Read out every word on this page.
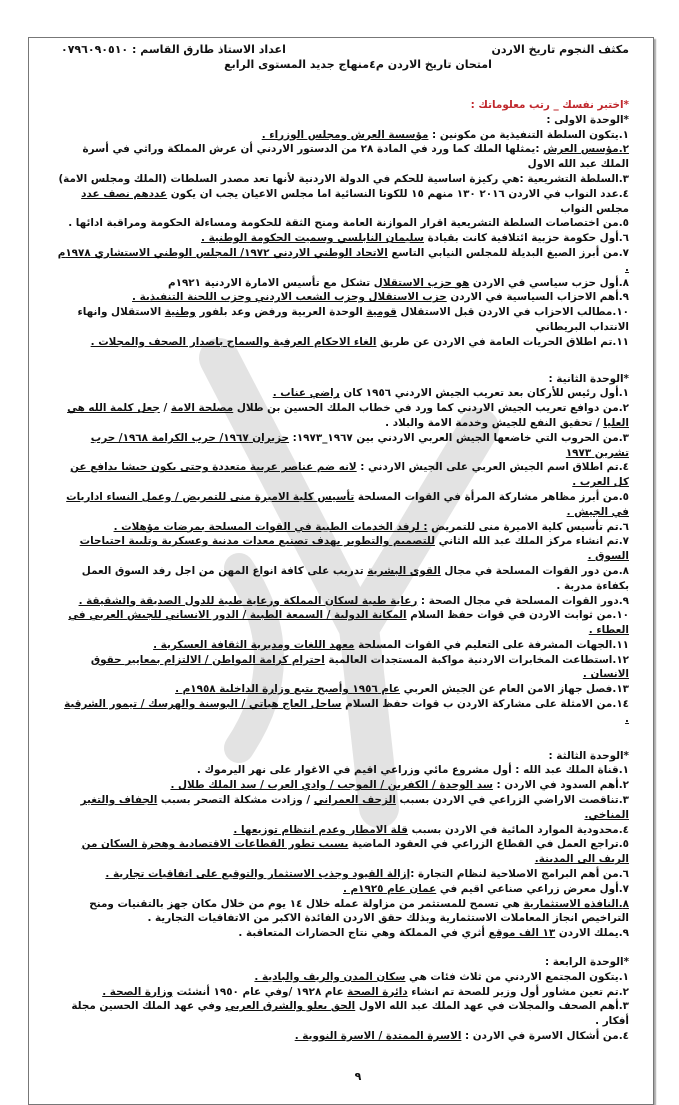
مكثف النجوم تاريخ الاردن
اعداد الاستاذ طارق القاسم : ٠٧٩٦٠٩٠٥١٠
امتحان تاريخ الاردن م٤منهاج جديد المستوى الرابع
*اختبر نفسك _ رتب معلوماتك :
*الوحدة الاولى :
١.يتكون السلطة التنفيذية من مكونين : مؤسسة العرش ومجلس الوزراء .
٢.مؤسس العرش :يمثلها الملك كما ورد في المادة ٢٨ من الدستور الاردني أن عرش المملكة وراثي في أسرة الملك عبد الله الاول
٣.السلطة التشريعية :هي ركيزة اساسية للحكم في الدولة الاردنية لأنها تعد مصدر السلطات (الملك ومجلس الامة)
٤.عدد النواب في الاردن ٢٠١٦ ١٣٠ منهم ١٥ للكوتا النسائية اما مجلس الاعيان يجب ان يكون عددهم نصف عدد مجلس النواب
٥.من اختصاصات السلطة التشريعية اقرار الموازنة العامة ومنح الثقة للحكومة ومساءلة الحكومة ومراقبة ادائها .
٦.أول حكومة حزبية ائتلافية كانت بقيادة سليمان النابلسي وسميت الحكومة الوطنية .
٧.من أبرز الصيغ البديلة للمجلس النيابي التاسع الاتحاد الوطني الاردني ١٩٧٢/ المجلس الوطني الاستشاري ١٩٧٨م .
٨.أول حزب سياسي في الاردن هو حزب الاستقلال تشكل مع تأسيس الامارة الاردنية ١٩٢١م
٩.أهم الاحزاب السياسية في الاردن حزب الاستقلال وحزب الشعب الاردني وحزب اللجنة التنفيذية .
١٠.مطالب الاحزاب في الاردن قبل الاستقلال قومية الوحدة العربية ورفض وعد بلفور وطنية الاستقلال وانهاء الانتداب البريطاني
١١.تم اطلاق الحريات العامة في الاردن عن طريق الغاء الاحكام العرفية والسماح باصدار الصحف والمجلات .
*الوحدة الثانية :
١.أول رئيس للأركان بعد تعريب الجيش الاردني ١٩٥٦ كان راضي عناب .
٢.من دوافع تعريب الجيش الاردني كما ورد في خطاب الملك الحسين بن طلال مصلحة الامة / جعل كلمة الله هي العليا / تحقيق النفع للجيش وخدمة الامة والبلاد .
٣.من الحروب التي خاضعها الجيش العربي الاردني بين ١٩٦٧_١٩٧٣: حزيران ١٩٦٧/ حرب الكرامة ١٩٦٨/ حرب تشرين ١٩٧٣
٤.تم اطلاق اسم الجيش العربي على الجيش الاردني : لانه ضم عناصر عربية متعددة وحتى يكون جيشا يدافع عن كل العرب .
٥.من أبرز مظاهر مشاركة المرأة في القوات المسلحة تأسيس كلية الاميرة منى للتمريض / وعمل النساء اداريات في الجيش .
٦.تم تأسيس كلية الاميرة منى للتمريض : لرفد الخدمات الطبية في القوات المسلحة بمرضات مؤهلات .
٧.تم انشاء مركز الملك عبد الله الثاني للتصميم والتطوير يهدف تصنيع معدات مدنية وعسكرية وتلبية احتياجات السوق .
٨.من دور القوات المسلحة في مجال القوى البشرية تدريب على كافة انواع المهن من اجل رفد السوق العمل بكفاءة مدربة .
٩.دور القوات المسلحة في مجال الصحة : رعاية طبية لسكان المملكة ورعاية طبية للدول الصديقة والشقيقة .
١٠.من ثوابت الاردن في قوات حفظ السلام المكانة الدولية / السمعة الطبية / الدور الانساني للجيش العربي في العطاء .
١١.الجهات المشرفة على التعليم في القوات المسلحة معهد اللغات ومديرية الثقافة العسكرية .
١٢.استطاعت المخابرات الاردنية مواكبة المستجدات العالمية احترام كرامة المواطن / الالتزام بمعايير حقوق الانسان .
١٣.فصل جهاز الامن العام عن الجيش العربي عام ١٩٥٦ وأصبح يتبع وزارة الداخلية ١٩٥٨م .
١٤.من الامثلة على مشاركة الاردن ب قوات حفظ السلام ساحل العاج هياتي / البوسنة والهرسك / تيمور الشرقية .
*الوحدة الثالثة :
١.قناة الملك عبد الله : أول مشروع مائي وزراعي اقيم في الاغوار على نهر اليرموك .
٢.أهم السدود في الاردن : سد الوحدة / الكفرين / الموجب / وادي العرب / سد الملك طلال .
٣.تناقصت الاراضي الزراعي في الاردن بسبب الزحف العمراني / وزادت مشكلة التصحر بسبب الجفاف والتغير المناخي.
٤.محدودية الموارد المائية في الاردن بسبب قلة الامطار وعدم انتظام توزيعها .
٥.تراجع العمل في القطاع الزراعي في العقود الماضية بسبب تطور القطاعات الاقتصادية وهجرة السكان من الريف الى المدينة.
٦.من أهم البرامج الاصلاحية لنظام التجارة :إزالة القيود وجذب الاستثمار والتوقيع على اتفاقيات تجارية .
٧.أول معرض زراعي صناعي اقيم في عمان عام ١٩٢٥م .
٨.النافذه الاستثمارية هي تسمح للمستثمر من مزاولة عمله خلال ١٤ يوم من خلال مكان جهز بالتقنيات ومنح التراخيص انجاز المعاملات الاستثمارية وبذلك حقق الاردن الفائدة الاكبر من الاتفاقيات التجارية .
٩.يملك الاردن ١٣ الف موقع أثري في المملكة وهي نتاج الحضارات المتعاقبة .
*الوحدة الرابعة :
١.يتكون المجتمع الاردني من ثلاث فئات هي سكان المدن والريف والبادية .
٢.تم تعين مشاور أول وزير للصحة تم انشاء دائرة الصحة عام ١٩٢٨ /وفي عام ١٩٥٠ أنشئت وزارة الصحة .
٣.أهم الصحف والمجلات في عهد الملك عبد الله الاول الحق يعلو والشرق العربي وفي عهد الملك الحسين مجلة أفكار .
٤.من أشكال الاسرة في الاردن : الاسرة الممتدة / الاسرة النووية .
٩
